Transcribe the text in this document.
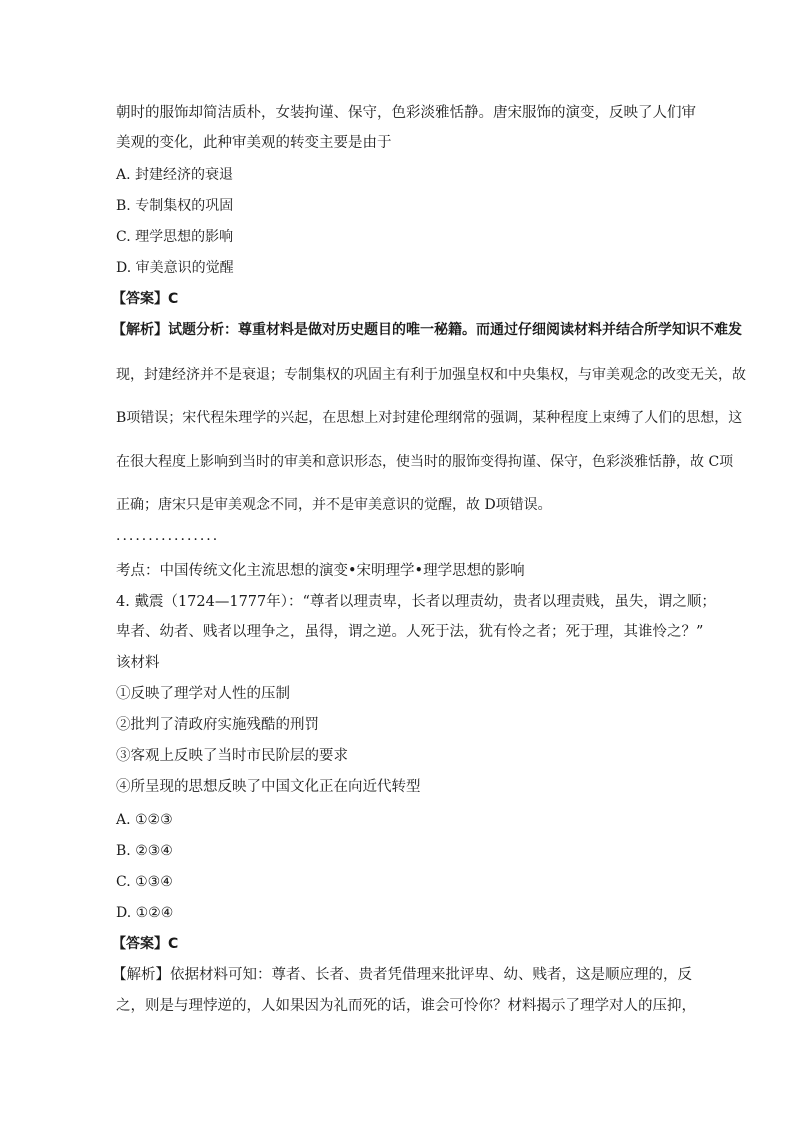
朝时的服饰却简洁质朴，女装拘谨、保守，色彩淡雅恬静。唐宋服饰的演变，反映了人们审
美观的变化，此种审美观的转变主要是由于
A. 封建经济的衰退
B. 专制集权的巩固
C. 理学思想的影响
D. 审美意识的觉醒
【答案】C
【解析】试题分析：尊重材料是做对历史题目的唯一秘籍。而通过仔细阅读材料并结合所学知识不难发
现，封建经济并不是衰退；专制集权的巩固主有利于加强皇权和中央集权，与审美观念的改变无关，故
B项错误；宋代程朱理学的兴起，在思想上对封建伦理纲常的强调，某种程度上束缚了人们的思想，这
在很大程度上影响到当时的审美和意识形态，使当时的服饰变得拘谨、保守，色彩淡雅恬静，故 C项
正确；唐宋只是审美观念不同，并不是审美意识的觉醒，故 D项错误。
················
考点：中国传统文化主流思想的演变•宋明理学•理学思想的影响
4. 戴震（1724—1777年）：“尊者以理责卑，长者以理责幼，贵者以理责贱，虽失，谓之顺；
卑者、幼者、贱者以理争之，虽得，谓之逆。人死于法，犹有怜之者；死于理，其谁怜之？”
该材料
①反映了理学对人性的压制
②批判了清政府实施残酷的刑罚
③客观上反映了当时市民阶层的要求
④所呈现的思想反映了中国文化正在向近代转型
A. ①②③
B. ②③④
C. ①③④
D. ①②④
【答案】C
【解析】依据材料可知：尊者、长者、贵者凭借理来批评卑、幼、贱者，这是顺应理的，反
之，则是与理悖逆的，人如果因为礼而死的话，谁会可怜你？材料揭示了理学对人的压抑，
